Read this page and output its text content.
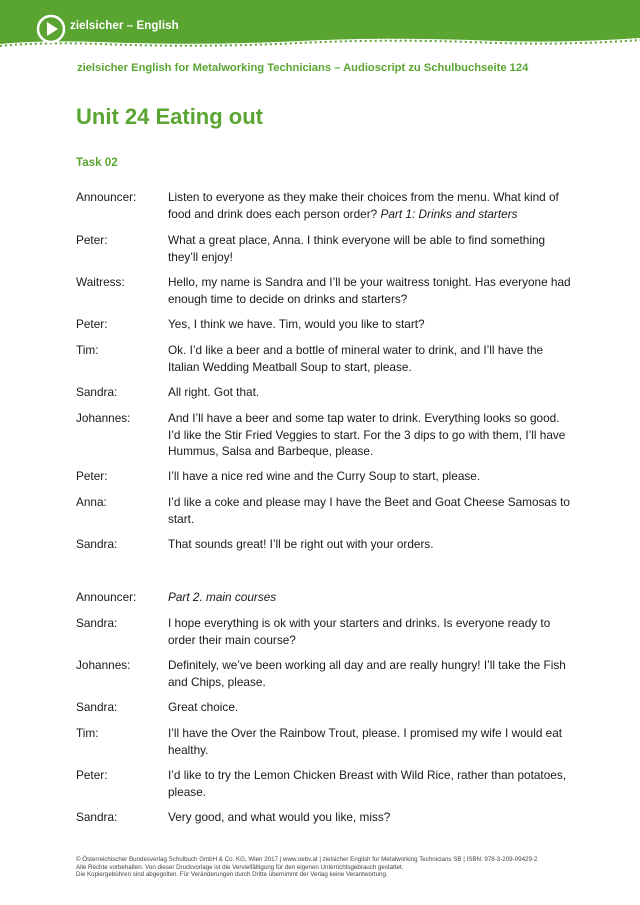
zielsicher – English
zielsicher English for Metalworking Technicians – Audioscript zu Schulbuchseite 124
Unit 24 Eating out
Task 02
Announcer:	Listen to everyone as they make their choices from the menu. What kind of food and drink does each person order? Part 1: Drinks and starters
Peter:	What a great place, Anna. I think everyone will be able to find something they’ll enjoy!
Waitress:	Hello, my name is Sandra and I’ll be your waitress tonight. Has everyone had enough time to decide on drinks and starters?
Peter:	Yes, I think we have. Tim, would you like to start?
Tim:	Ok. I’d like a beer and a bottle of mineral water to drink, and I’ll have the Italian Wedding Meatball Soup to start, please.
Sandra:	All right. Got that.
Johannes:	And I’ll have a beer and some tap water to drink. Everything looks so good. I’d like the Stir Fried Veggies to start. For the 3 dips to go with them, I’ll have Hummus, Salsa and Barbeque, please.
Peter:	I’ll have a nice red wine and the Curry Soup to start, please.
Anna:	I’d like a coke and please may I have the Beet and Goat Cheese Samosas to start.
Sandra:	That sounds great! I’ll be right out with your orders.
Announcer:	Part 2. main courses
Sandra:	I hope everything is ok with your starters and drinks. Is everyone ready to order their main course?
Johannes:	Definitely, we’ve been working all day and are really hungry! I’ll take the Fish and Chips, please.
Sandra:	Great choice.
Tim:	I’ll have the Over the Rainbow Trout, please. I promised my wife I would eat healthy.
Peter:	I’d like to try the Lemon Chicken Breast with Wild Rice, rather than potatoes, please.
Sandra:	Very good, and what would you like, miss?
© Österreichischer Bundesverlag Schulbuch GmbH & Co. KG, Wien 2017 | www.oebv.at | zielsicher English for Metalworking Technicians SB | ISBN: 978-3-209-09429-2
Alle Rechte vorbehalten. Von dieser Druckvorlage ist die Vervielfältigung für den eigenen Unterrichtsgebrauch gestattet.
Die Kopiergebühren sind abgegolten. Für Veränderungen durch Dritte übernimmt der Verlag keine Verantwortung.
